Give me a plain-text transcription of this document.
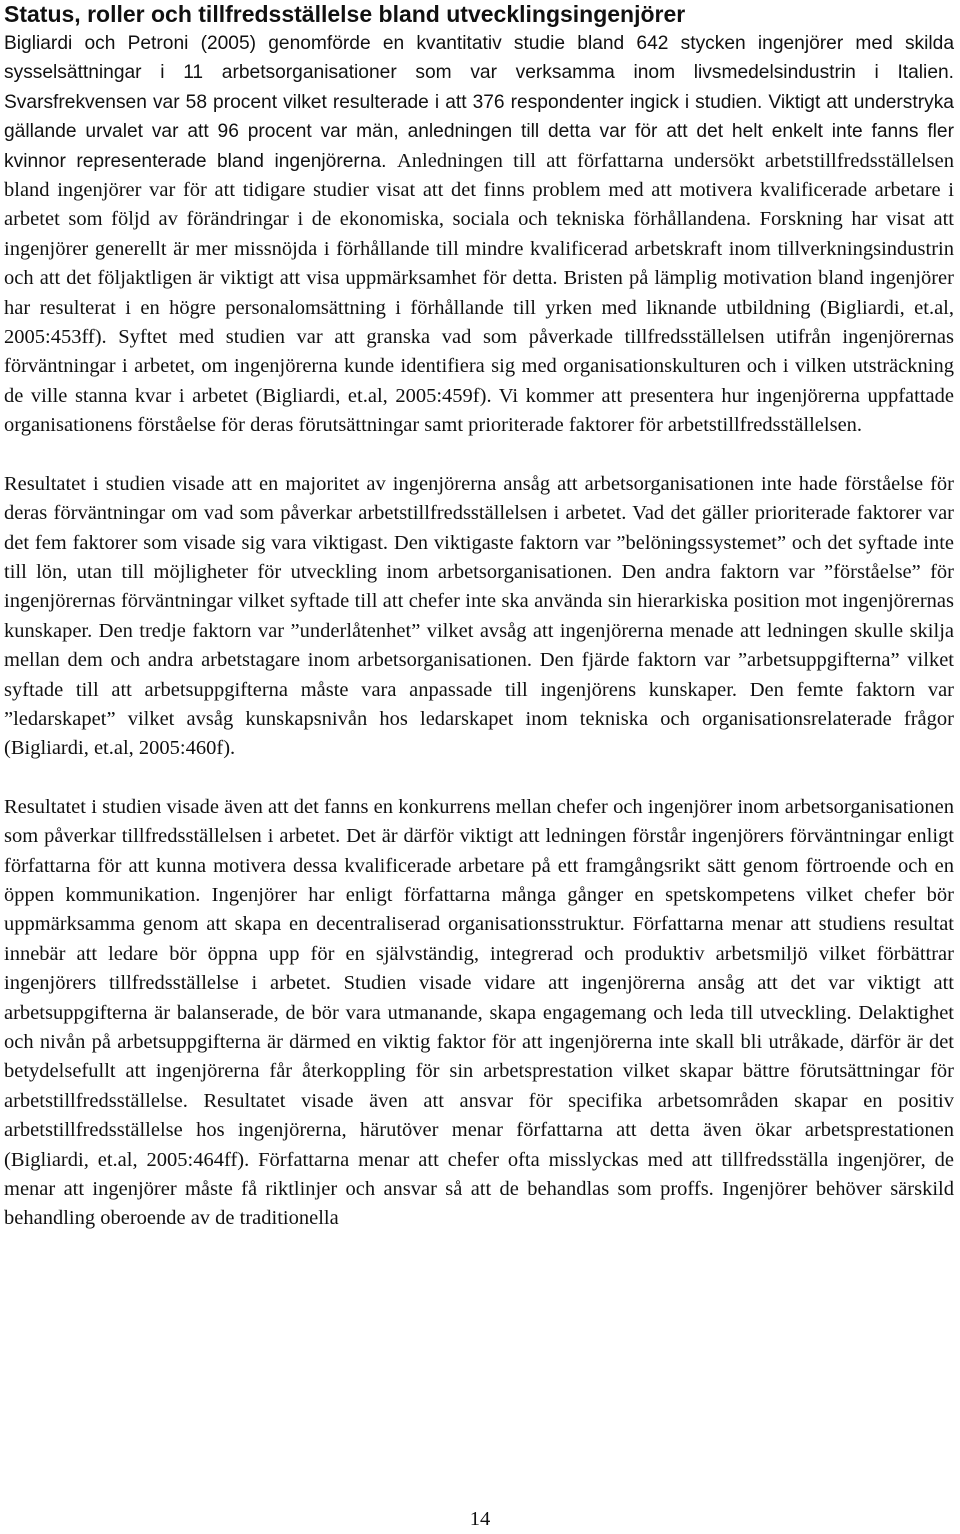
Status, roller och tillfredsställelse bland utvecklingsingenjörer

Bigliardi och Petroni (2005) genomförde en kvantitativ studie bland 642 stycken ingenjörer med skilda sysselsättningar i 11 arbetsorganisationer som var verksamma inom livsmedelsindustrin i Italien. Svarsfrekvensen var 58 procent vilket resulterade i att 376 respondenter ingick i studien. Viktigt att understryka gällande urvalet var att 96 procent var män, anledningen till detta var för att det helt enkelt inte fanns fler kvinnor representerade bland ingenjörerna. Anledningen till att författarna undersökt arbetstillfredsställelsen bland ingenjörer var för att tidigare studier visat att det finns problem med att motivera kvalificerade arbetare i arbetet som följd av förändringar i de ekonomiska, sociala och tekniska förhållandena. Forskning har visat att ingenjörer generellt är mer missnöjda i förhållande till mindre kvalificerad arbetskraft inom tillverkningsindustrin och att det följaktligen är viktigt att visa uppmärksamhet för detta. Bristen på lämplig motivation bland ingenjörer har resulterat i en högre personalomsättning i förhållande till yrken med liknande utbildning (Bigliardi, et.al, 2005:453ff). Syftet med studien var att granska vad som påverkade tillfredsställelsen utifrån ingenjörernas förväntningar i arbetet, om ingenjörerna kunde identifiera sig med organisationskulturen och i vilken utsträckning de ville stanna kvar i arbetet (Bigliardi, et.al, 2005:459f). Vi kommer att presentera hur ingenjörerna uppfattade organisationens förståelse för deras förutsättningar samt prioriterade faktorer för arbetstillfredsställelsen.

Resultatet i studien visade att en majoritet av ingenjörerna ansåg att arbetsorganisationen inte hade förståelse för deras förväntningar om vad som påverkar arbetstillfredsställelsen i arbetet. Vad det gäller prioriterade faktorer var det fem faktorer som visade sig vara viktigast. Den viktigaste faktorn var ”belöningssystemet” och det syftade inte till lön, utan till möjligheter för utveckling inom arbetsorganisationen. Den andra faktorn var ”förståelse” för ingenjörernas förväntningar vilket syftade till att chefer inte ska använda sin hierarkiska position mot ingenjörernas kunskaper. Den tredje faktorn var ”underlåtenhet” vilket avsåg att ingenjörerna menade att ledningen skulle skilja mellan dem och andra arbetstagare inom arbetsorganisationen. Den fjärde faktorn var ”arbetsuppgifterna” vilket syftade till att arbetsuppgifterna måste vara anpassade till ingenjörens kunskaper. Den femte faktorn var ”ledarskapet” vilket avsåg kunskapsnivån hos ledarskapet inom tekniska och organisationsrelaterade frågor (Bigliardi, et.al, 2005:460f).

Resultatet i studien visade även att det fanns en konkurrens mellan chefer och ingenjörer inom arbetsorganisationen som påverkar tillfredsställelsen i arbetet. Det är därför viktigt att ledningen förstår ingenjörers förväntningar enligt författarna för att kunna motivera dessa kvalificerade arbetare på ett framgångsrikt sätt genom förtroende och en öppen kommunikation. Ingenjörer har enligt författarna många gånger en spetskompetens vilket chefer bör uppmärksamma genom att skapa en decentraliserad organisationsstruktur. Författarna menar att studiens resultat innebär att ledare bör öppna upp för en självständig, integrerad och produktiv arbetsmiljö vilket förbättrar ingenjörers tillfredsställelse i arbetet. Studien visade vidare att ingenjörerna ansåg att det var viktigt att arbetsuppgifterna är balanserade, de bör vara utmanande, skapa engagemang och leda till utveckling. Delaktighet och nivån på arbetsuppgifterna är därmed en viktig faktor för att ingenjörerna inte skall bli utråkade, därför är det betydelsefullt att ingenjörerna får återkoppling för sin arbetsprestation vilket skapar bättre förutsättningar för arbetstillfredsställelse. Resultatet visade även att ansvar för specifika arbetsområden skapar en positiv arbetstillfredsställelse hos ingenjörerna, härutöver menar författarna att detta även ökar arbetsprestationen (Bigliardi, et.al, 2005:464ff). Författarna menar att chefer ofta misslyckas med att tillfredsställa ingenjörer, de menar att ingenjörer måste få riktlinjer och ansvar så att de behandlas som proffs. Ingenjörer behöver särskild behandling oberoende av de traditionella

14
